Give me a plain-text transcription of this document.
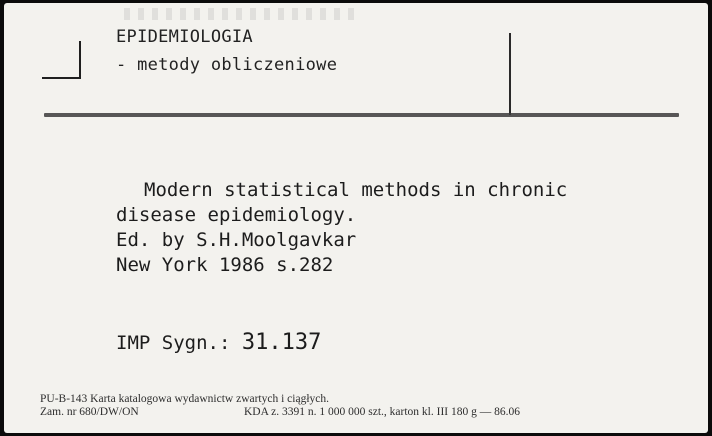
EPIDEMIOLOGIA
- metody obliczeniowe
Modern statistical methods in chronic
disease epidemiology.
Ed. by S.H.Moolgavkar
New York 1986 s.282
IMP Sygn.: 31.137
PU-B-143 Karta katalogowa wydawnictw zwartych i ciągłych.
Zam. nr 680/DW/ON	KDA z. 3391 n. 1 000 000 szt., karton kl. III 180 g — 86.06
